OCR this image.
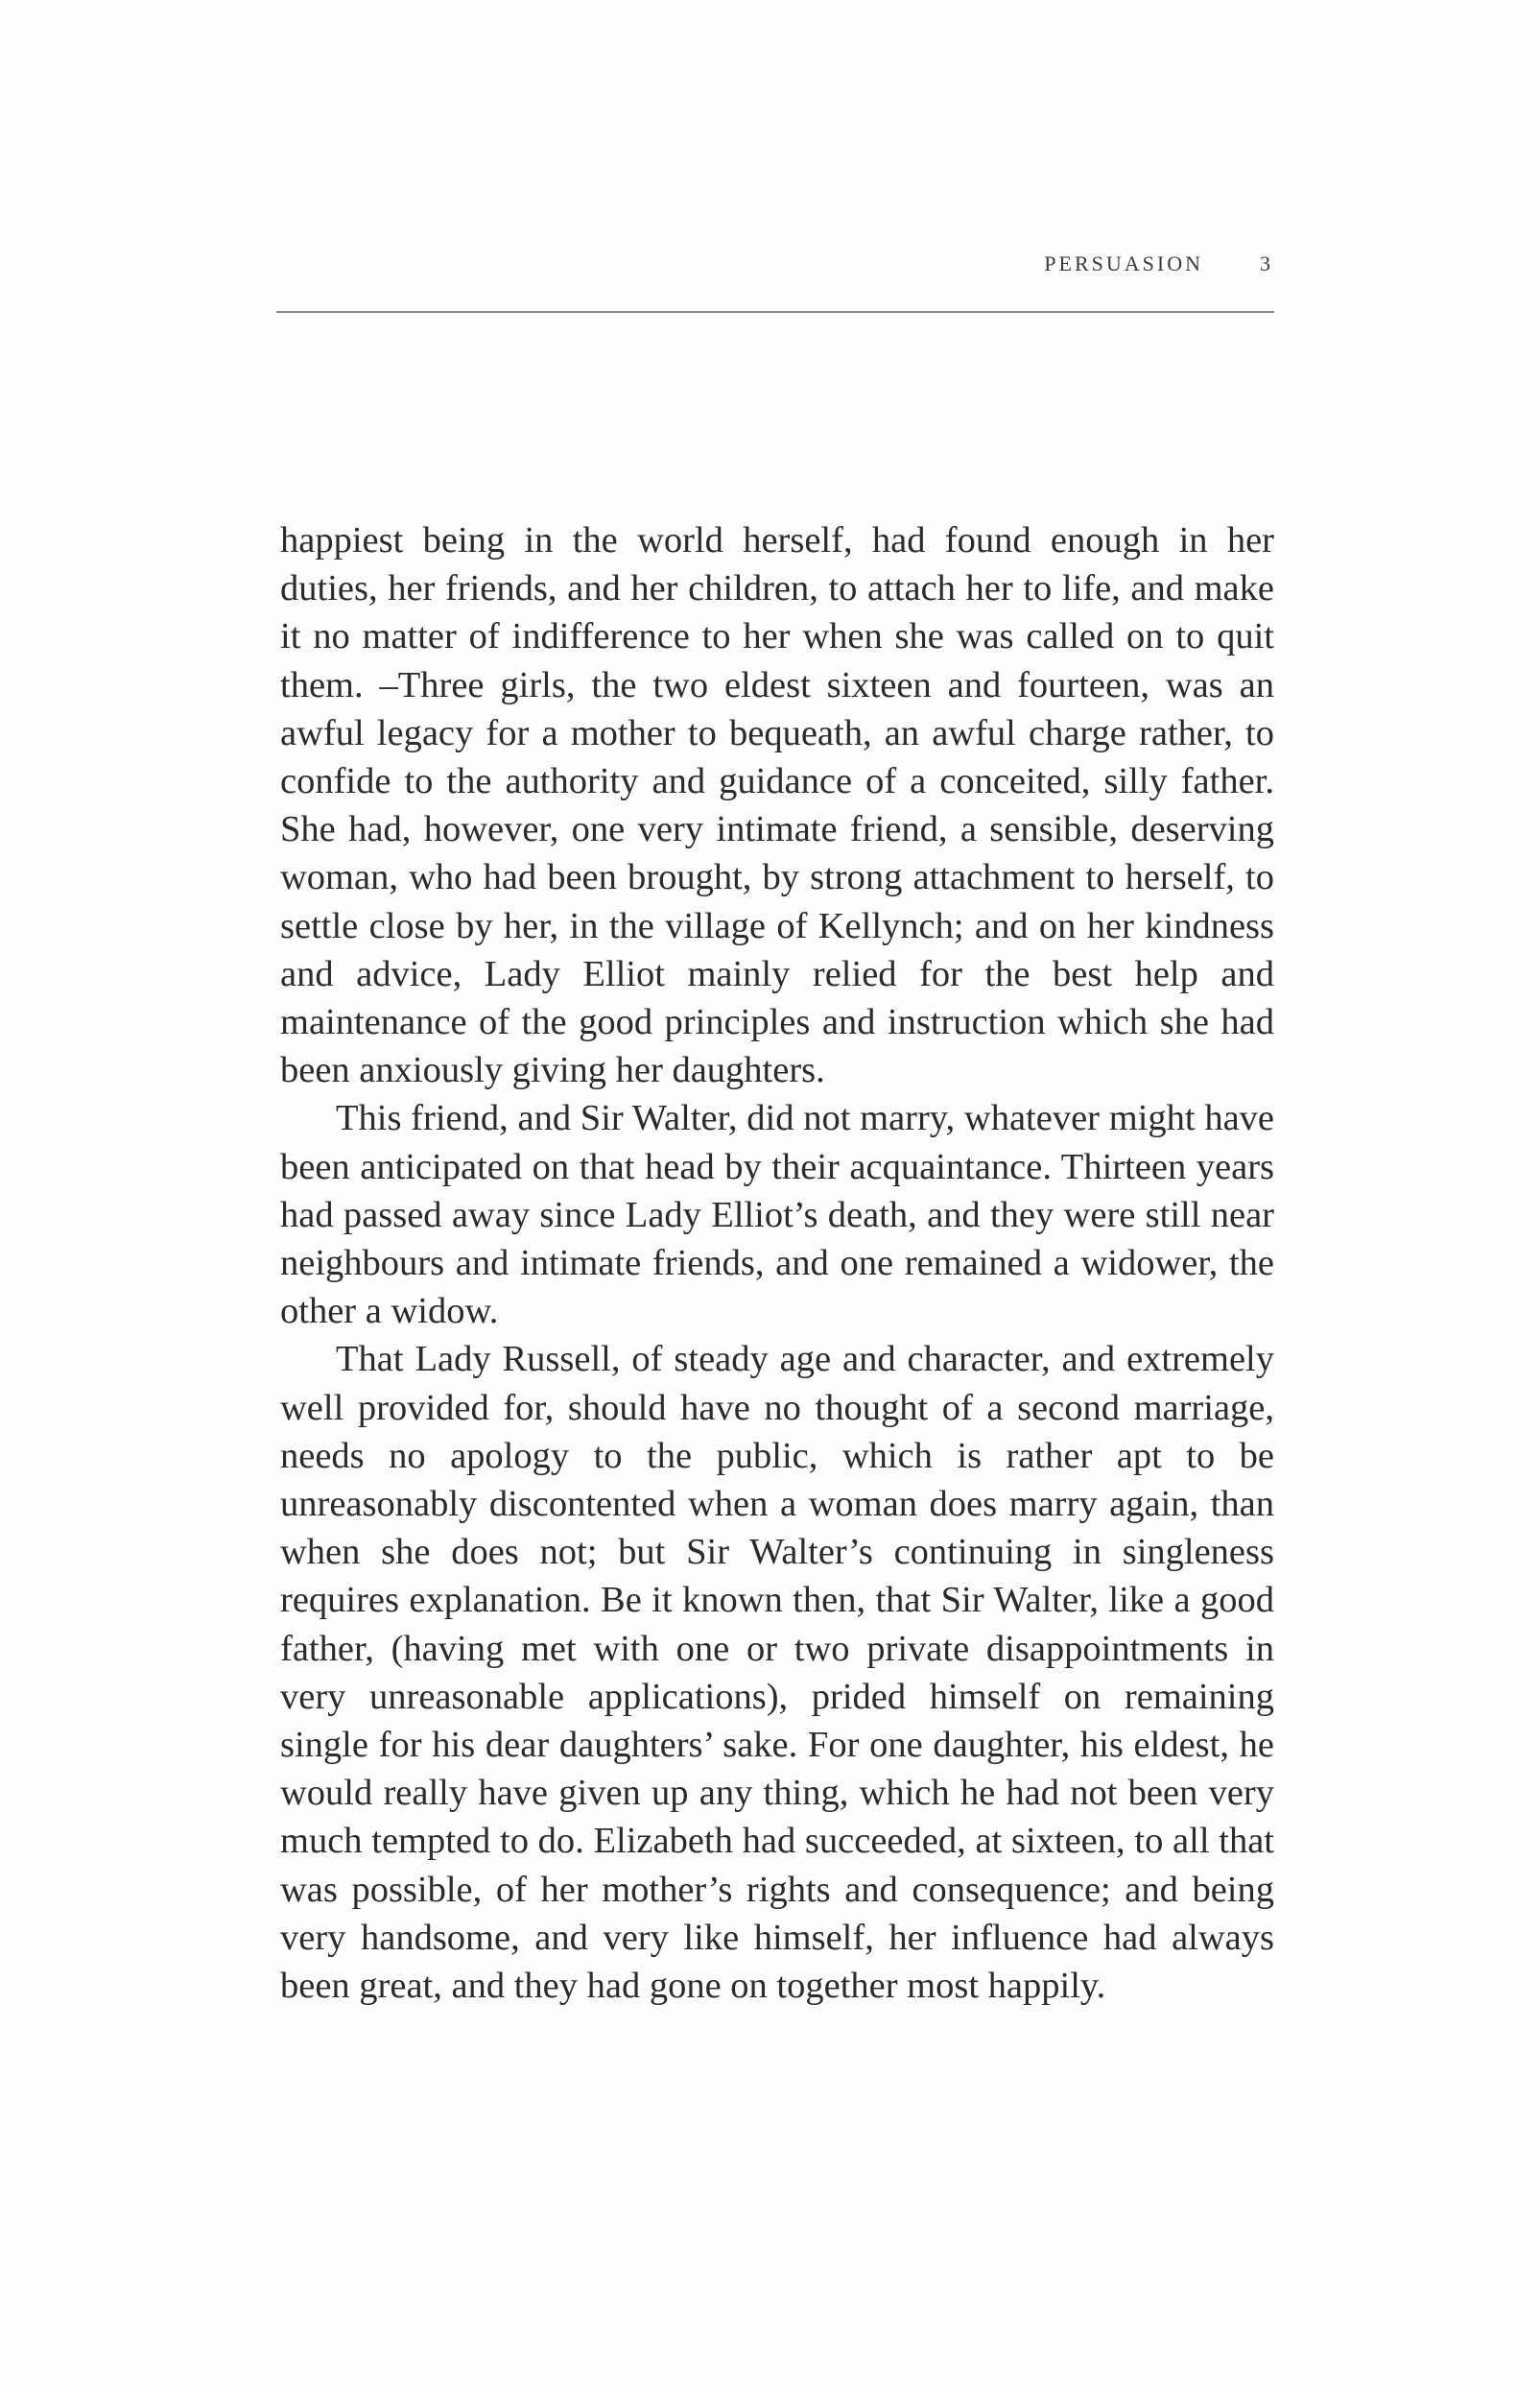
PERSUASION	3

happiest being in the world herself, had found enough in her duties, her friends, and her children, to attach her to life, and make it no matter of indifference to her when she was called on to quit them. –Three girls, the two eldest sixteen and fourteen, was an awful legacy for a mother to bequeath, an awful charge rather, to confide to the authority and guidance of a conceited, silly father. She had, however, one very intimate friend, a sensible, deserving woman, who had been brought, by strong attachment to herself, to settle close by her, in the village of Kellynch; and on her kindness and advice, Lady Elliot mainly relied for the best help and maintenance of the good principles and instruction which she had been anxiously giving her daughters.

This friend, and Sir Walter, did not marry, whatever might have been anticipated on that head by their acquaintance. Thirteen years had passed away since Lady Elliot’s death, and they were still near neighbours and intimate friends, and one remained a widower, the other a widow.

That Lady Russell, of steady age and character, and extremely well provided for, should have no thought of a second marriage, needs no apology to the public, which is rather apt to be unreasonably discontented when a woman does marry again, than when she does not; but Sir Walter’s continuing in singleness requires explanation. Be it known then, that Sir Walter, like a good father, (having met with one or two private disappointments in very unreasonable applications), prided himself on remaining single for his dear daughters’ sake. For one daughter, his eldest, he would really have given up any thing, which he had not been very much tempted to do. Elizabeth had succeeded, at sixteen, to all that was possible, of her mother’s rights and consequence; and being very handsome, and very like himself, her influence had always been great, and they had gone on together most happily.
